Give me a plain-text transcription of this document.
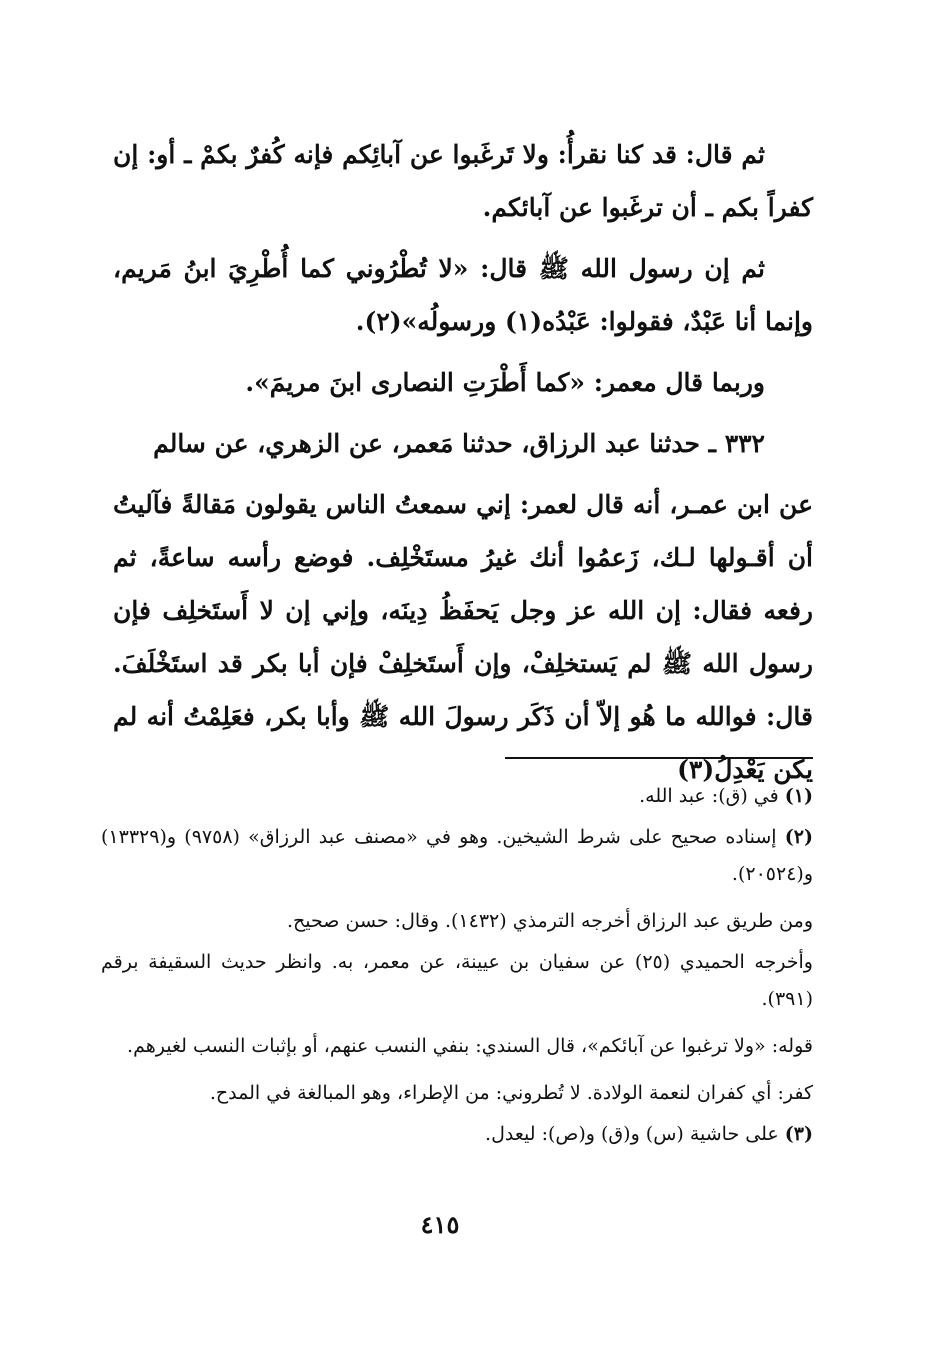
ثم قال: قد كنا نقرأُ: ولا تَرغَبوا عن آبائِكم فإنه كُفرٌ بكمْ ـ أو: إن كفراً بكم ـ أن ترغَبوا عن آبائكم.

ثم إن رسول الله ﷺ قال: «لا تُطْرُوني كما أُطْرِيَ ابنُ مَريم، وإنما أنا عَبْدٌ، فقولوا: عَبْدُه(١) ورسولُه»(٢).

وربما قال معمر: «كما أَطْرَتِ النصارى ابنَ مريمَ».

٣٣٢ ـ حدثنا عبد الرزاق، حدثنا مَعمر، عن الزهري، عن سالم

عن ابن عمـر، أنه قال لعمر: إني سمعتُ الناس يقولون مَقالةً فآليتُ أن أقـولها لـك، زَعمُوا أنك غيرُ مستَخْلِف. فوضع رأسه ساعةً، ثم رفعه فقال: إن الله عز وجل يَحفَظُ دِينَه، وإني إن لا أَستَخلِف فإن رسول الله ﷺ لم يَستخلِفْ، وإن أَستَخلِفْ فإن أبا بكر قد استَخْلَفَ. قال: فوالله ما هُو إلاّ أن ذَكَر رسولَ الله ﷺ وأبا بكر، فعَلِمْتُ أنه لم يكن يَعْدِلُ(٣)

(١) في (ق): عبد الله.

(٢) إسناده صحيح على شرط الشيخين. وهو في «مصنف عبد الرزاق» (٩٧٥٨) و(١٣٣٢٩) و(٢٠٥٢٤).

ومن طريق عبد الرزاق أخرجه الترمذي (١٤٣٢). وقال: حسن صحيح.

وأخرجه الحميدي (٢٥) عن سفيان بن عيينة، عن معمر، به. وانظر حديث السقيفة برقم (٣٩١).

قوله: «ولا ترغبوا عن آبائكم»، قال السندي: بنفي النسب عنهم، أو بإثبات النسب لغيرهم.

كفر: أي كفران لنعمة الولادة. لا تُطروني: من الإطراء، وهو المبالغة في المدح.

(٣) على حاشية (س) و(ق) و(ص): ليعدل.

٤١٥
